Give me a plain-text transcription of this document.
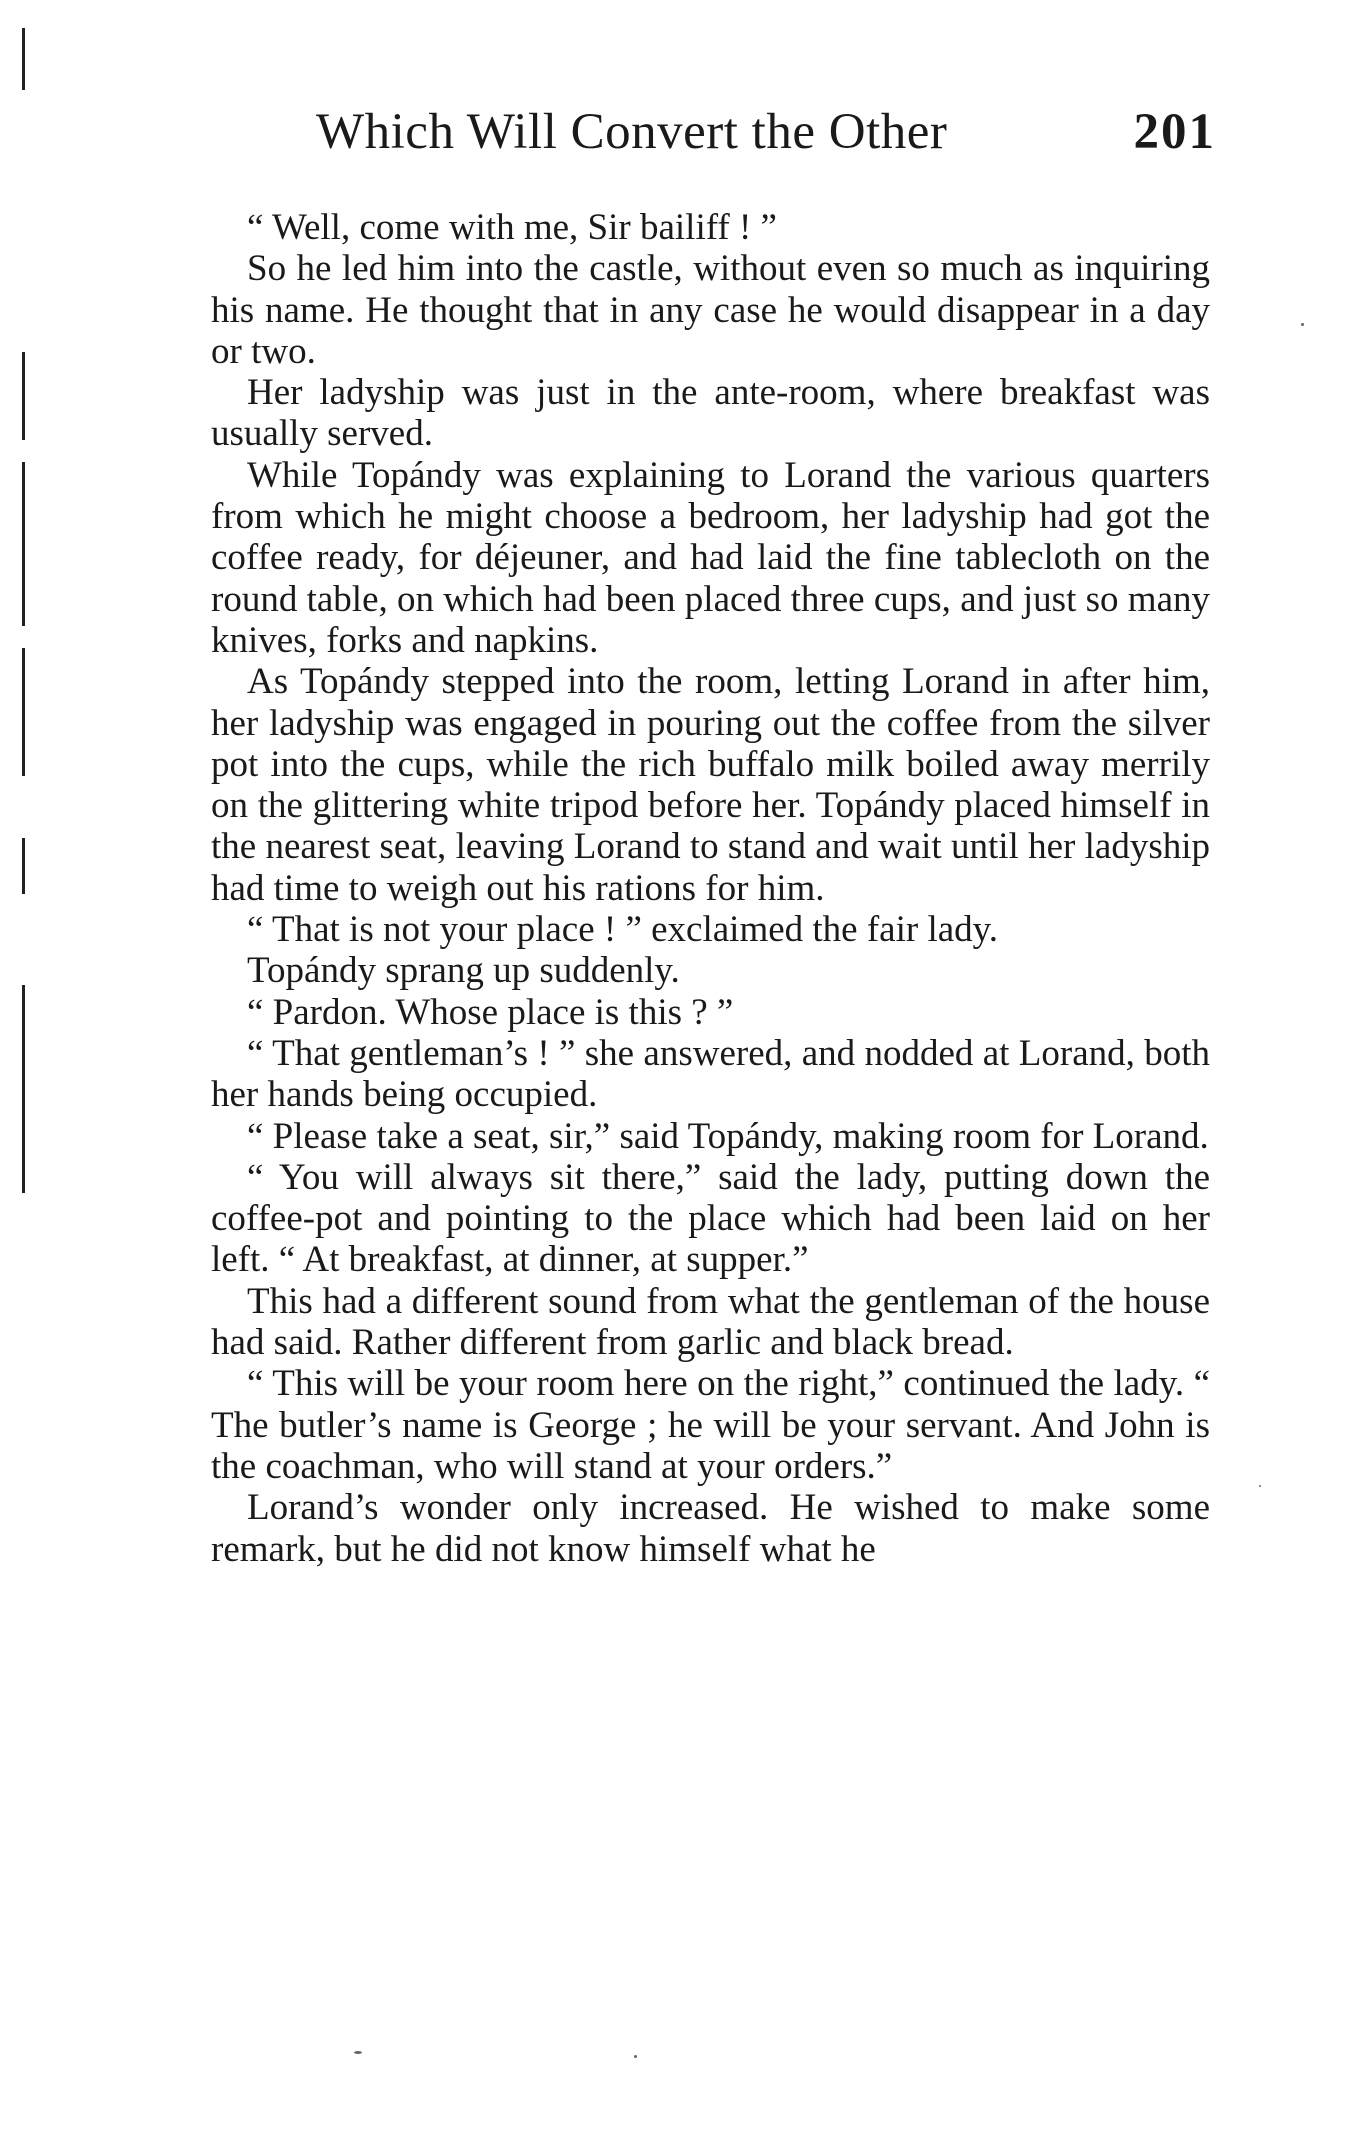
Which Will Convert the Other	201

“ Well, come with me, Sir bailiff ! ”

So he led him into the castle, without even so much as inquiring his name. He thought that in any case he would disappear in a day or two.

Her ladyship was just in the ante-room, where breakfast was usually served.

While Topándy was explaining to Lorand the various quarters from which he might choose a bedroom, her ladyship had got the coffee ready, for déjeuner, and had laid the fine tablecloth on the round table, on which had been placed three cups, and just so many knives, forks and napkins.

As Topándy stepped into the room, letting Lorand in after him, her ladyship was engaged in pouring out the coffee from the silver pot into the cups, while the rich buffalo milk boiled away merrily on the glittering white tripod before her. Topándy placed himself in the nearest seat, leaving Lorand to stand and wait until her ladyship had time to weigh out his rations for him.

“ That is not your place ! ” exclaimed the fair lady.

Topándy sprang up suddenly.

“ Pardon. Whose place is this ? ”

“ That gentleman’s ! ” she answered, and nodded at Lorand, both her hands being occupied.

“ Please take a seat, sir,” said Topándy, making room for Lorand.

“ You will always sit there,” said the lady, putting down the coffee-pot and pointing to the place which had been laid on her left. “ At breakfast, at dinner, at supper.”

This had a different sound from what the gentleman of the house had said. Rather different from garlic and black bread.

“ This will be your room here on the right,” continued the lady. “ The butler’s name is George ; he will be your servant. And John is the coachman, who will stand at your orders.”

Lorand’s wonder only increased. He wished to make some remark, but he did not know himself what he
